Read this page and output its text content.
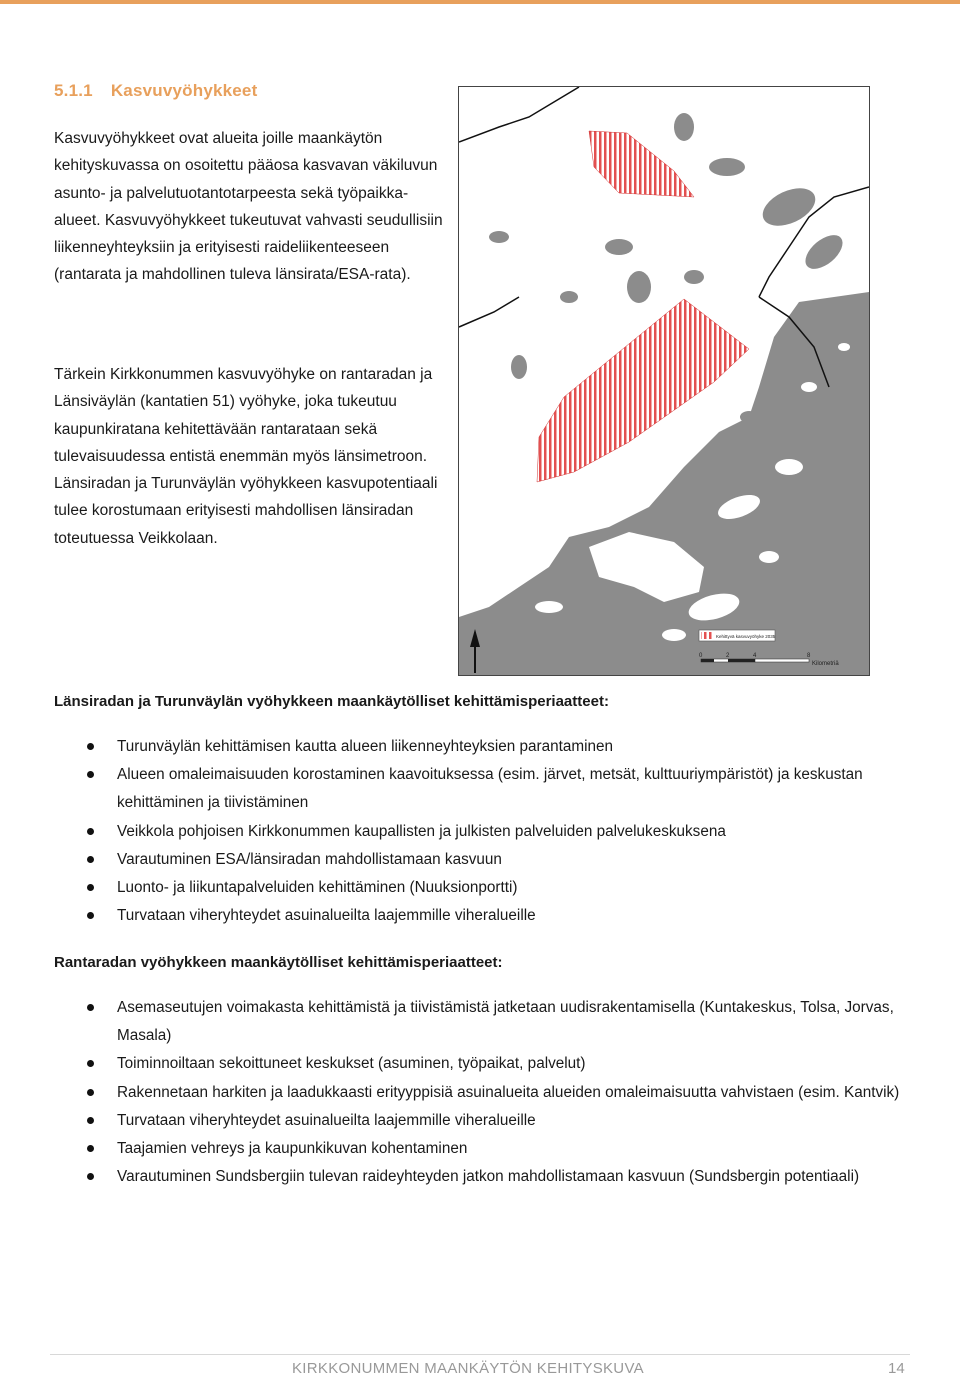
5.1.1 Kasvuvyöhykkeet

Kasvuvyöhykkeet ovat alueita joille maankäytön kehityskuvassa on osoitettu pääosa kasvavan väkiluvun asunto- ja palvelutuotantotarpeesta sekä työpaikka-alueet. Kasvuvyöhykkeet tukeutuvat vahvasti seudullisiin liikenneyhteyksiin ja erityisesti raideliikenteeseen (rantarata ja mahdollinen tuleva länsirata/ESA-rata).

Tärkein Kirkkonummen kasvuvyöhyke on rantaradan ja Länsiväylän (kantatien 51) vyöhyke, joka tukeutuu kaupunkiratana kehitettävään rantarataan sekä tulevaisuudessa entistä enemmän myös länsimetroon. Länsiradan ja Turunväylän vyöhykkeen kasvupotentiaali tulee korostumaan erityisesti mahdollisen länsiradan toteutuessa Veikkolaan.

Kehittyvä kasvuvyöhyke 2035
0	2	4	8
Kilometriä
Länsiradan ja Turunväylän vyöhykkeen maankäytölliset kehittämisperiaatteet:
Turunväylän kehittämisen kautta alueen liikenneyhteyksien parantaminen
Alueen omaleimaisuuden korostaminen kaavoituksessa (esim. järvet, metsät, kulttuuriympäristöt) ja keskustan kehittäminen ja tiivistäminen
Veikkola pohjoisen Kirkkonummen kaupallisten ja julkisten palveluiden palvelukeskuksena
Varautuminen ESA/länsiradan mahdollistamaan kasvuun
Luonto- ja liikuntapalveluiden kehittäminen (Nuuksionportti)
Turvataan viheryhteydet asuinalueilta laajemmille viheralueille
Rantaradan vyöhykkeen maankäytölliset kehittämisperiaatteet:
Asemaseutujen voimakasta kehittämistä ja tiivistämistä jatketaan uudisrakentamisella (Kuntakeskus, Tolsa, Jorvas, Masala)
Toiminnoiltaan sekoittuneet keskukset (asuminen, työpaikat, palvelut)
Rakennetaan harkiten ja laadukkaasti erityyppisiä asuinalueita alueiden omaleimaisuutta vahvistaen (esim. Kantvik)
Turvataan viheryhteydet asuinalueilta laajemmille viheralueille
Taajamien vehreys ja kaupunkikuvan kohentaminen
Varautuminen Sundsbergiin tulevan raideyhteyden jatkon mahdollistamaan kasvuun (Sundsbergin potentiaali)

KIRKKONUMMEN MAANKÄYTÖN KEHITYSKUVA	14
